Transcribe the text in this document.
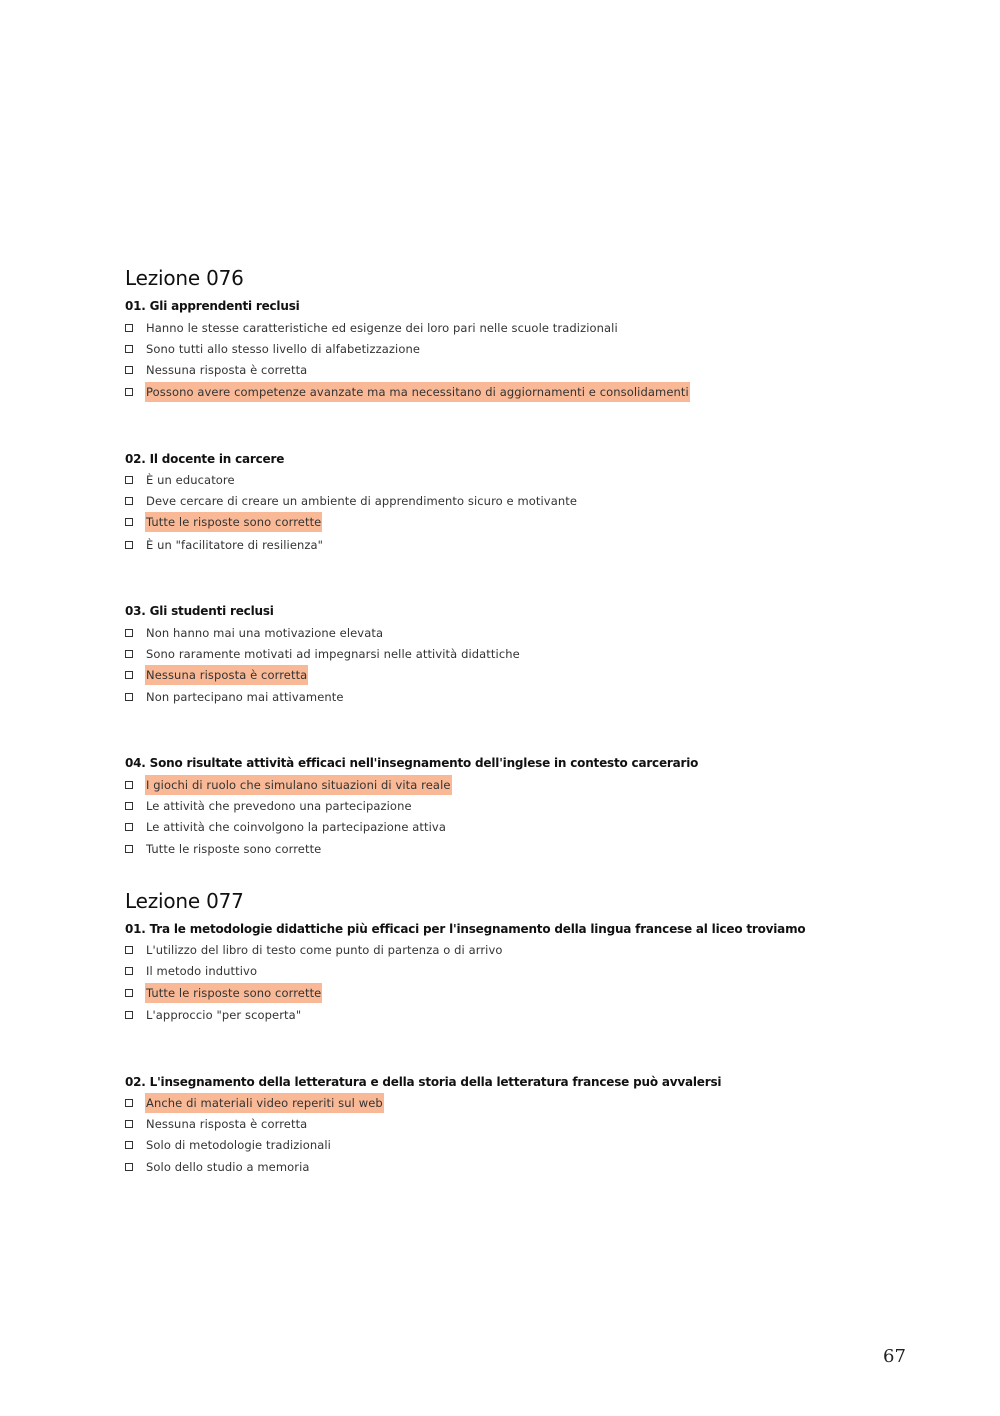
Lezione 076
01. Gli apprendenti reclusi
Hanno le stesse caratteristiche ed esigenze dei loro pari nelle scuole tradizionali
Sono tutti allo stesso livello di alfabetizzazione
Nessuna risposta è corretta
Possono avere competenze avanzate ma ma necessitano di aggiornamenti e consolidamenti
02. Il docente in carcere
È un educatore
Deve cercare di creare un ambiente di apprendimento sicuro e motivante
Tutte le risposte sono corrette
È un "facilitatore di resilienza"
03. Gli studenti reclusi
Non hanno mai una motivazione elevata
Sono raramente motivati ad impegnarsi nelle attività didattiche
Nessuna risposta è corretta
Non partecipano mai attivamente
04. Sono risultate attività efficaci nell'insegnamento dell'inglese in contesto carcerario
I giochi di ruolo che simulano situazioni di vita reale
Le attività che prevedono una partecipazione
Le attività che coinvolgono la partecipazione attiva
Tutte le risposte sono corrette
Lezione 077
01. Tra le metodologie didattiche più efficaci per l'insegnamento della lingua francese al liceo troviamo
L'utilizzo del libro di testo come punto di partenza o di arrivo
Il metodo induttivo
Tutte le risposte sono corrette
L'approccio "per scoperta"
02. L'insegnamento della letteratura e della storia della letteratura francese può avvalersi
Anche di materiali video reperiti sul web
Nessuna risposta è corretta
Solo di metodologie tradizionali
Solo dello studio a memoria
67
